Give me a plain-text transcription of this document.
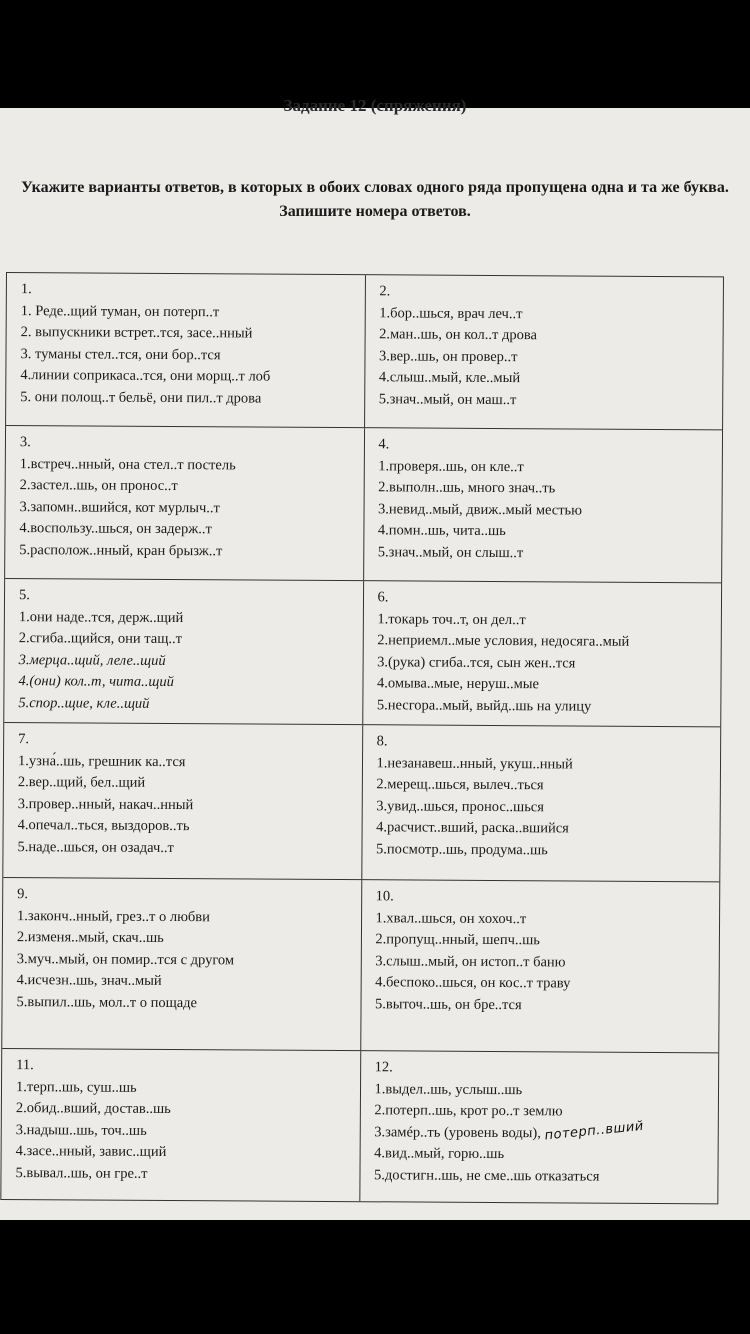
Задание 12 (спряжения)
Укажите варианты ответов, в которых в обоих словах одного ряда пропущена одна и та же буква. Запишите номера ответов.
1.
1. Реде..щий туман, он потерп..т
2. выпускники встрет..тся, засе..нный
3. туманы стел..тся, они бор..тся
4.линии соприкаса..тся, они морщ..т лоб
5. они полощ..т бельё, они пил..т дрова
2.
1.бор..шься, врач леч..т
2.ман..шь, он кол..т дрова
3.вер..шь, он провер..т
4.слыш..мый, кле..мый
5.знач..мый, он маш..т
3.
1.встреч..нный, она стел..т постель
2.застел..шь, он пронос..т
3.запомн..вшийся, кот мурлыч..т
4.воспользу..шься, он задерж..т
5.располож..нный, кран брызж..т
4.
1.проверя..шь, он кле..т
2.выполн..шь, много знач..ть
3.невид..мый, движ..мый местью
4.помн..шь, чита..шь
5.знач..мый, он слыш..т
5.
1.они наде..тся, держ..щий
2.сгиба..щийся, они тащ..т
3.мерца..щий, леле..щий
4.(они) кол..т, чита..щий
5.спор..щие, кле..щий
6.
1.токарь точ..т, он дел..т
2.неприемл..мые условия, недосяга..мый
3.(рука) сгиба..тся, сын жен..тся
4.омыва..мые, неруш..мые
5.несгора..мый, выйд..шь на улицу
7.
1.узна́..шь, грешник ка..тся
2.вер..щий, бел..щий
3.провер..нный, накач..нный
4.опечал..ться, выздоров..ть
5.наде..шься, он озадач..т
8.
1.незанавеш..нный, укуш..нный
2.мерещ..шься, вылеч..ться
3.увид..шься, пронос..шься
4.расчист..вший, раска..вшийся
5.посмотр..шь, продума..шь
9.
1.законч..нный, грез..т о любви
2.изменя..мый, скач..шь
3.муч..мый, он помир..тся с другом
4.исчезн..шь, знач..мый
5.выпил..шь, мол..т о пощаде
10.
1.хвал..шься, он хохоч..т
2.пропущ..нный, шепч..шь
3.слыш..мый, он истоп..т баню
4.беспоко..шься, он кос..т траву
5.выточ..шь, он бре..тся
11.
1.терп..шь, суш..шь
2.обид..вший, достав..шь
3.надыш..шь, точ..шь
4.засе..нный, завис..щий
5.вывал..шь, он гре..т
12.
1.выдел..шь, услыш..шь
2.потерп..шь, крот ро..т землю
3.замéр..ть (уровень воды), потерп..вший
4.вид..мый, горю..шь
5.достигн..шь, не сме..шь отказаться
